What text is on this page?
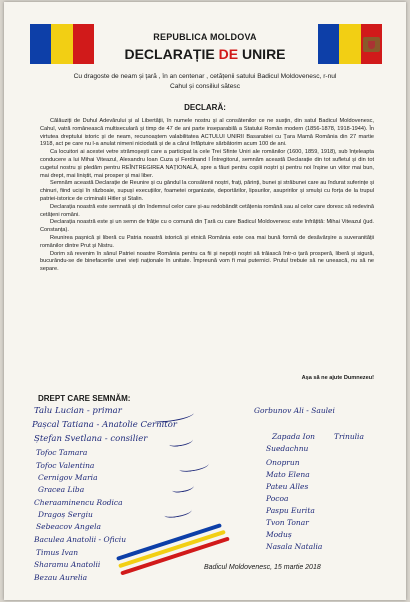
REPUBLICA MOLDOVA
DECLARAȚIE DE UNIRE
Cu dragoste de neam și țară , în an centenar , cetățenii satului Badicul Moldovenesc, r-nul
Cahul și consiliul sătesc
DECLARĂ:

Călăuziți de Duhul Adevărului și al Libertății, în numele nostru și al consătenilor ce ne susțin, din satul Badicul Moldovenesc, Cahul, vatră românească multiseculară și timp de 47 de ani parte inseparabilă a Statului Român modern (1856-1878, 1918-1944). În virtutea dreptului istoric și de neam, recunoaștem valabilitatea ACTULUI UNIRII Basarabiei cu Țara Mamă România din 27 martie 1918, act pe care nu l-a anulat nimeni niciodată și de a cărui înfăptuire sărbătorim acum 100 de ani.

Ca locuitori ai acestei vetre strămoșești care a participat la cele Trei Sfinte Uniri ale românilor (1600, 1859, 1918), sub înțeleapta conducere a lui Mihai Viteazul, Alexandru Ioan Cuza și Ferdinand I Întregitorul, semnăm această Declarație din tot sufletul și din tot cugetul nostru și pledăm pentru REÎNTREGIREA NAȚIONALĂ, spre a făuri pentru copiii noștri și pentru noi înșine un viitor mai bun, mai drept, mai liniștit, mai prosper și mai liber.

Semnăm această Declarație de Reunire și cu gândul la consătenii noștri, frați, părinți, bunei și străbunei care au îndurat suferințe și chinuri, fiind uciși în războaie, supuși execuțiilor, foametei organizate, deportărilor, lipsurilor, asupririlor și smulși cu forța de la trupul patriei-istorice de criminalii Hitler și Stalin.

Declarația noastră este semnată și din îndemnul celor care și-au redobândit cetățenia română sau al celor care doresc să redevină cetățeni români.

Declarația noastră este și un semn de frăție cu o comună din Țară cu care Badicul Moldovenesc este înfrățită: Mihai Viteazul (jud. Constanța).

Reunirea pașnică și liberă cu Patria noastră istorică și etnică România este cea mai bună formă de desăvârșire a suveranității românilor dintre Prut și Nistru.

Dorim să revenim în sânul Patriei noastre România pentru ca fii și nepoții noștri să trăiască într-o țară prosperă, liberă și sigură, bucurându-se de binefacerile unei vieți naționale în unitate. Împreună vom fi mai puternici. Prutul trebuie să ne unească, nu să ne separe.

Așa să ne ajute Dumnezeu!
DREPT CARE SEMNĂM:
Talu Lucian - primar
Pașcal Tatiana - Anatolie Cernitor
Ștefan Svetlana - consilier
Tofoc Tamara
Tofoc Valentina
Cernigov Maria
Gracea Liba
Cheraaminencu Rodica
Dragoș Sergiu
Sebeacov Angela
Baculea Anatolii - Oficiu
Timus Ivan
Sharamu Anatolii
Bezau Aurelia
Gorbunov Ali - Saulei
Zapada Ion	Trinulia
Suedachnu
Onoprun
Mato Elena
Pateu Alles
Pocoa
Paspu Eurita
Tvon Tonar
Moduș
Nasala Natalia
Badicul Moldovenesc, 15 martie 2018
